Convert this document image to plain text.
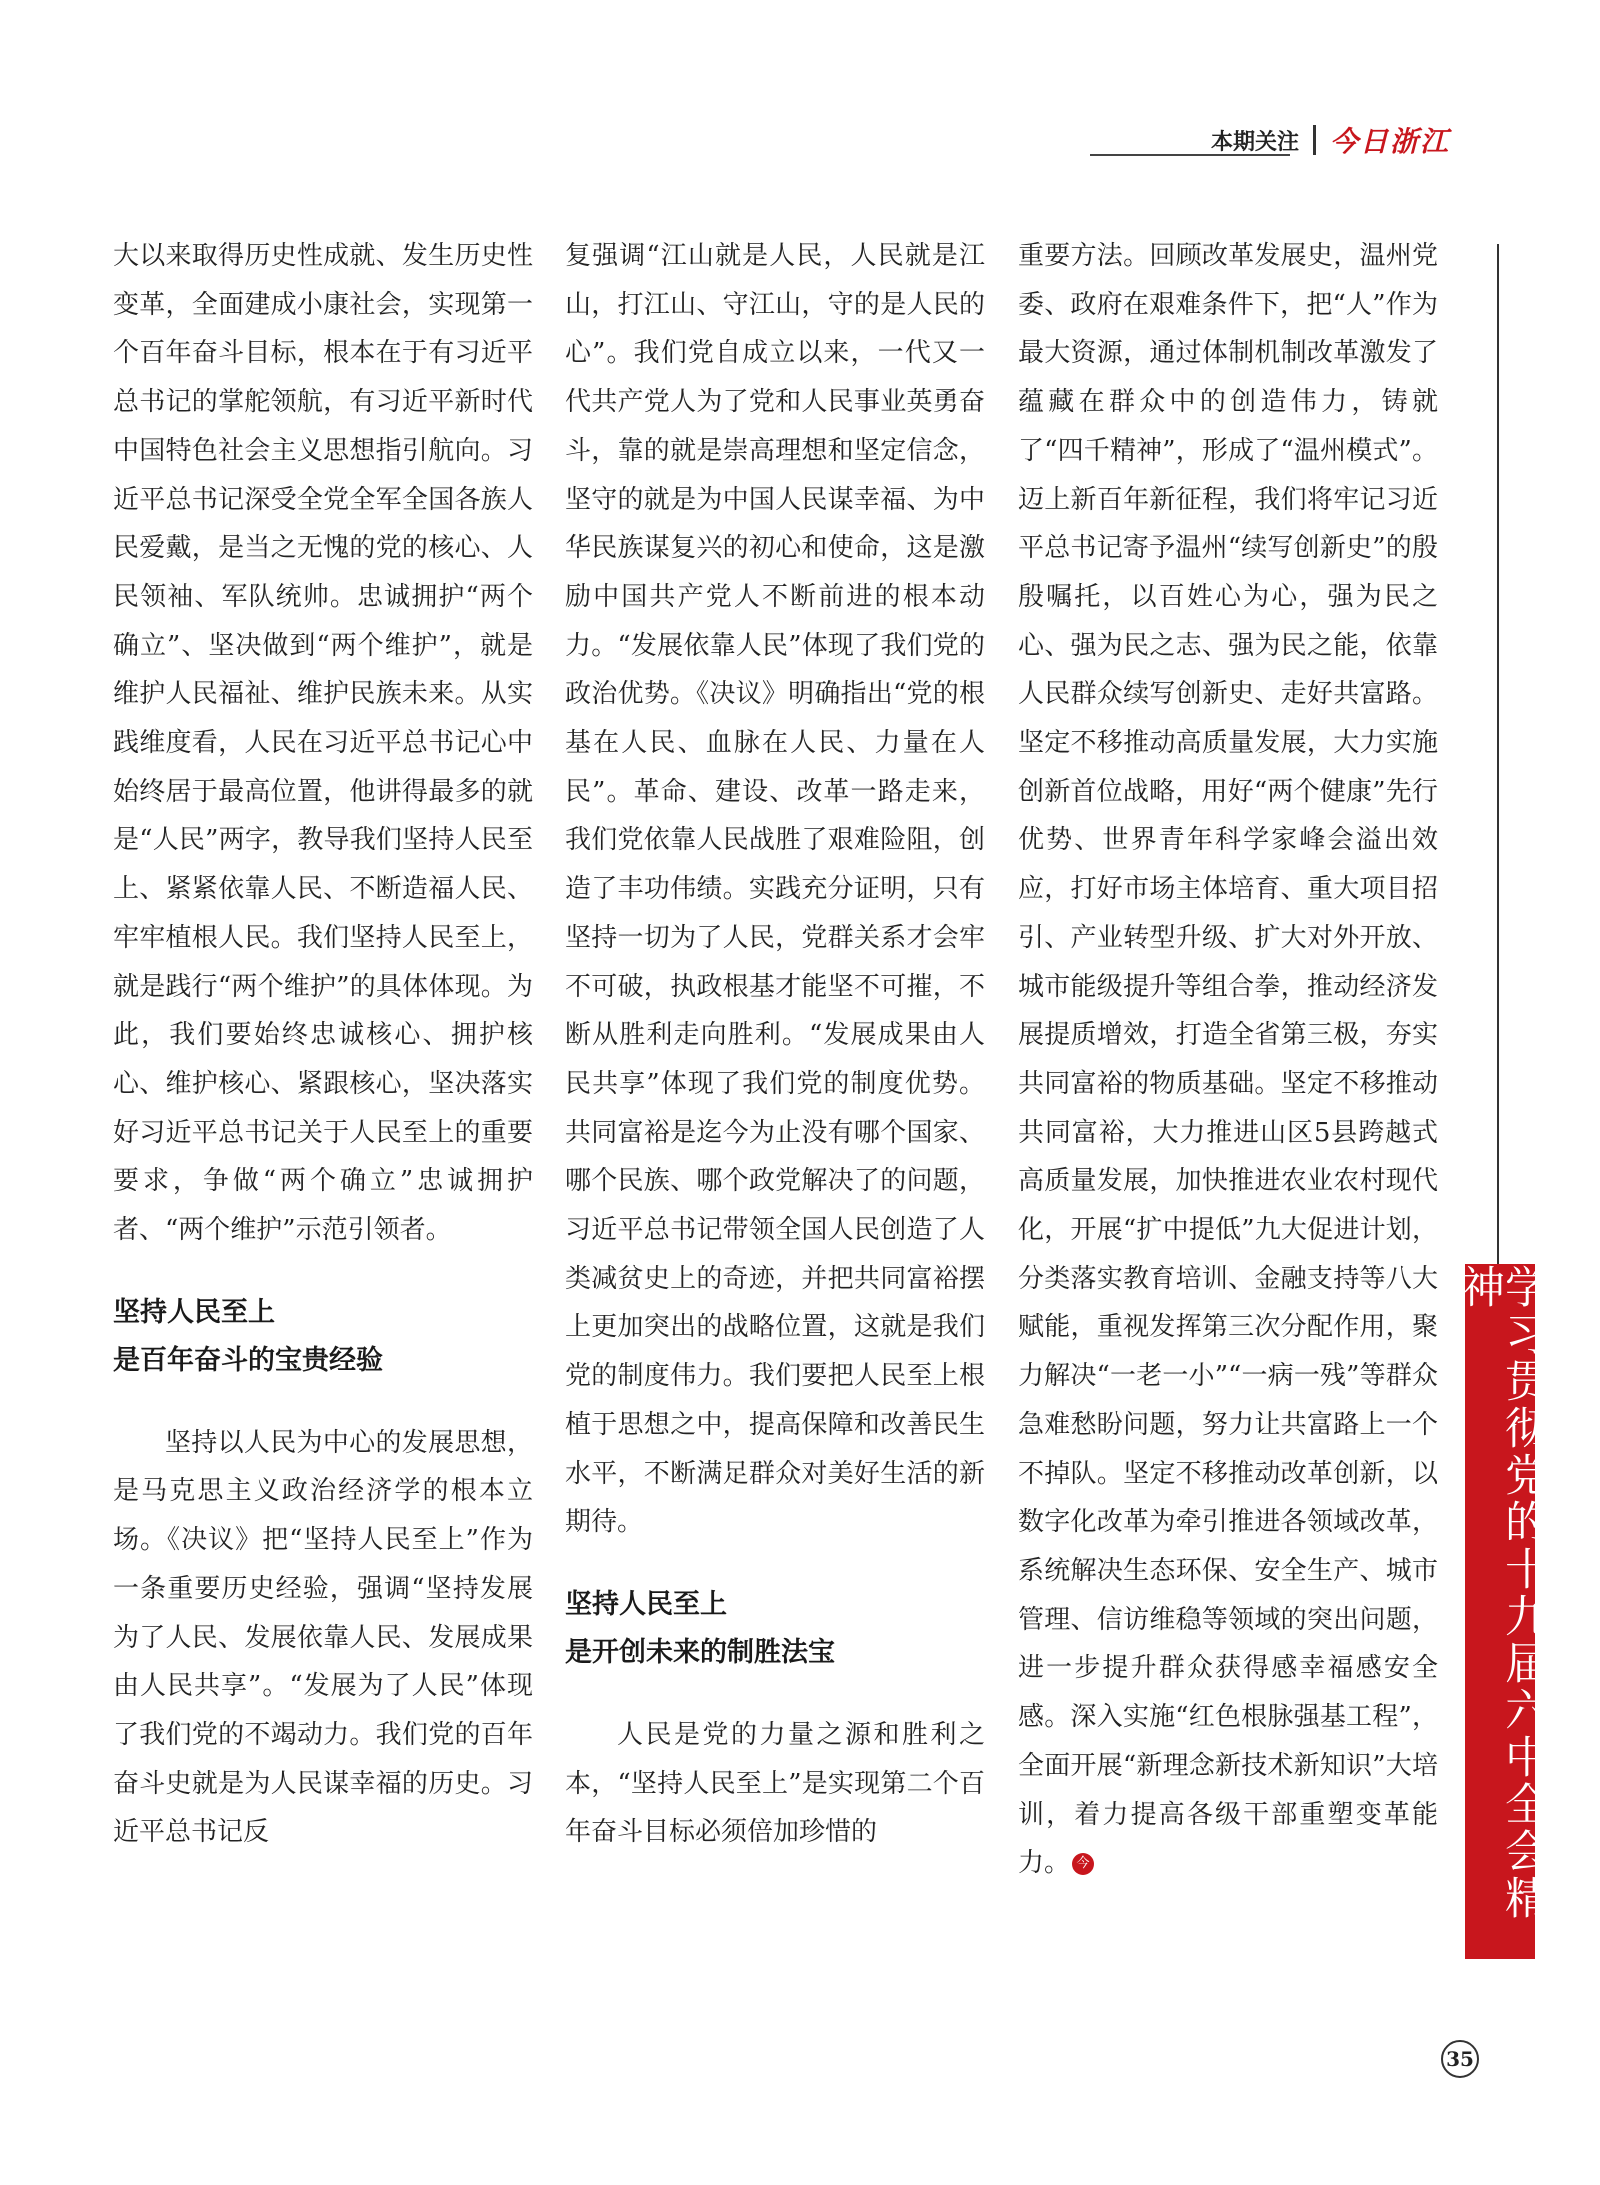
本期关注 今日浙江

大以来取得历史性成就、发生历史性变革，全面建成小康社会，实现第一个百年奋斗目标，根本在于有习近平总书记的掌舵领航，有习近平新时代中国特色社会主义思想指引航向。习近平总书记深受全党全军全国各族人民爱戴，是当之无愧的党的核心、人民领袖、军队统帅。忠诚拥护“两个确立”、坚决做到“两个维护”，就是维护人民福祉、维护民族未来。从实践维度看，人民在习近平总书记心中始终居于最高位置，他讲得最多的就是“人民”两字，教导我们坚持人民至上、紧紧依靠人民、不断造福人民、牢牢植根人民。我们坚持人民至上，就是践行“两个维护”的具体体现。为此，我们要始终忠诚核心、拥护核心、维护核心、紧跟核心，坚决落实好习近平总书记关于人民至上的重要要求，争做“两个确立”忠诚拥护者、“两个维护”示范引领者。

坚持人民至上
是百年奋斗的宝贵经验

坚持以人民为中心的发展思想，是马克思主义政治经济学的根本立场。《决议》把“坚持人民至上”作为一条重要历史经验，强调“坚持发展为了人民、发展依靠人民、发展成果由人民共享”。“发展为了人民”体现了我们党的不竭动力。我们党的百年奋斗史就是为人民谋幸福的历史。习近平总书记反

复强调“江山就是人民，人民就是江山，打江山、守江山，守的是人民的心”。我们党自成立以来，一代又一代共产党人为了党和人民事业英勇奋斗，靠的就是崇高理想和坚定信念，坚守的就是为中国人民谋幸福、为中华民族谋复兴的初心和使命，这是激励中国共产党人不断前进的根本动力。“发展依靠人民”体现了我们党的政治优势。《决议》明确指出“党的根基在人民、血脉在人民、力量在人民”。革命、建设、改革一路走来，我们党依靠人民战胜了艰难险阻，创造了丰功伟绩。实践充分证明，只有坚持一切为了人民，党群关系才会牢不可破，执政根基才能坚不可摧，不断从胜利走向胜利。“发展成果由人民共享”体现了我们党的制度优势。共同富裕是迄今为止没有哪个国家、哪个民族、哪个政党解决了的问题，习近平总书记带领全国人民创造了人类减贫史上的奇迹，并把共同富裕摆上更加突出的战略位置，这就是我们党的制度伟力。我们要把人民至上根植于思想之中，提高保障和改善民生水平，不断满足群众对美好生活的新期待。

坚持人民至上
是开创未来的制胜法宝

人民是党的力量之源和胜利之本，“坚持人民至上”是实现第二个百年奋斗目标必须倍加珍惜的

重要方法。回顾改革发展史，温州党委、政府在艰难条件下，把“人”作为最大资源，通过体制机制改革激发了蕴藏在群众中的创造伟力，铸就了“四千精神”，形成了“温州模式”。迈上新百年新征程，我们将牢记习近平总书记寄予温州“续写创新史”的殷殷嘱托，以百姓心为心，强为民之心、强为民之志、强为民之能，依靠人民群众续写创新史、走好共富路。坚定不移推动高质量发展，大力实施创新首位战略，用好“两个健康”先行优势、世界青年科学家峰会溢出效应，打好市场主体培育、重大项目招引、产业转型升级、扩大对外开放、城市能级提升等组合拳，推动经济发展提质增效，打造全省第三极，夯实共同富裕的物质基础。坚定不移推动共同富裕，大力推进山区5县跨越式高质量发展，加快推进农业农村现代化，开展“扩中提低”九大促进计划，分类落实教育培训、金融支持等八大赋能，重视发挥第三次分配作用，聚力解决“一老一小”“一病一残”等群众急难愁盼问题，努力让共富路上一个不掉队。坚定不移推动改革创新，以数字化改革为牵引推进各领域改革，系统解决生态环保、安全生产、城市管理、信访维稳等领域的突出问题，进一步提升群众获得感幸福感安全感。深入实施“红色根脉强基工程”，全面开展“新理念新技术新知识”大培训，着力提高各级干部重塑变革能力。 今	学习贯彻党的十九届六中全会精神
35
